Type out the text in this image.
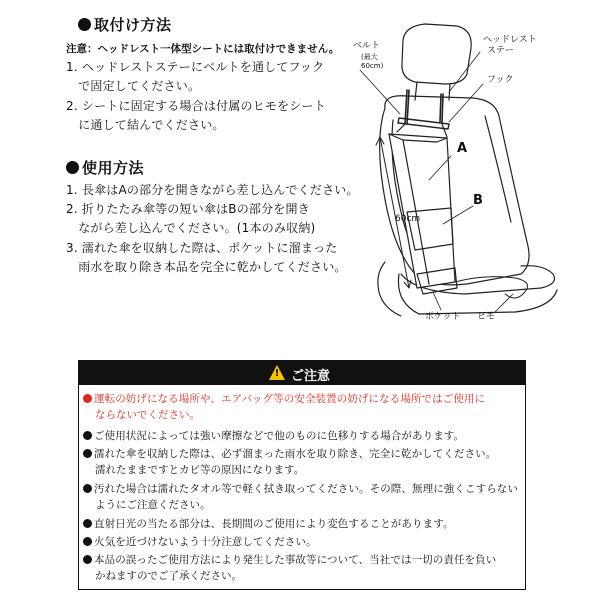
取付け方法
注意：ヘッドレスト一体型シートには取付けできません。
1. ヘッドレストステーにベルトを通してフック
　で固定してください。
2. シートに固定する場合は付属のヒモをシート
　に通して結んでください。
使用方法
1. 長傘はAの部分を開きながら差し込んでください。
2. 折りたたみ傘等の短い傘はBの部分を開き
　ながら差し込んでください。(1本のみ収納)
3. 濡れた傘を収納した際は、ポケットに溜まった
　雨水を取り除き本品を完全に乾かしてください。
ベルト
(最大
60cm)
ヘッドレスト
ステー
フック
A
B
60cm
ポケット ヒモ
! ご注意
運転の妨げになる場所や、エアバッグ等の安全装置の妨げになる場所ではご使用に
ならないでください。
ご使用状況によっては強い摩擦などで他のものに色移りする場合があります。
濡れた傘を収納した際は、必ず溜まった雨水を取り除き、完全に乾かしてください。
濡れたままですとカビ等の原因になります。
汚れた場合は濡れたタオル等で軽く拭き取ってください。その際、無理に強くこすらない
ようにご注意ください。
直射日光の当たる部分は、長期間のご使用により変色することがあります。
火気を近づけないよう十分注意してください。
本品の誤ったご使用方法により発生した事故等について、当社では一切の責任を負い
かねますのでご了承ください。
